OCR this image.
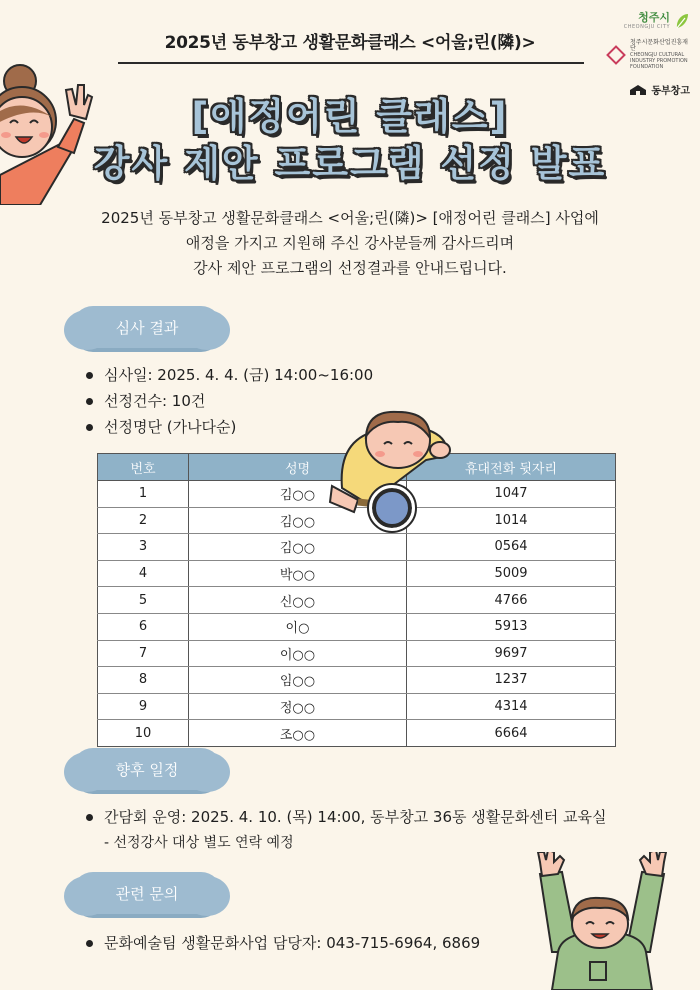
2025년 동부창고 생활문화클래스 <어울;린(隣)>
청주시
CHEONGJU CITY
청주시문화산업진흥재단
CHEONGJU CULTURAL INDUSTRY PROMOTION FOUNDATION
동부창고
[애정어린 클래스]
강사 제안 프로그램 선정 발표
2025년 동부창고 생활문화클래스 <어울;린(隣)> [애정어린 클래스] 사업에
애정을 가지고 지원해 주신 강사분들께 감사드리며
강사 제안 프로그램의 선정결과를 안내드립니다.
심사 결과
심사일: 2025. 4. 4. (금) 14:00~16:00
선정건수: 10건
선정명단 (가나다순)
번호	성명	휴대전화 뒷자리
1	김○○	1047
2	김○○	1014
3	김○○	0564
4	박○○	5009
5	신○○	4766
6	이○	5913
7	이○○	9697
8	임○○	1237
9	정○○	4314
10	조○○	6664
향후 일정
간담회 운영: 2025. 4. 10. (목) 14:00, 동부창고 36동 생활문화센터 교육실
- 선정강사 대상 별도 연락 예정
관련 문의
문화예술팀 생활문화사업 담당자: 043-715-6964, 6869
